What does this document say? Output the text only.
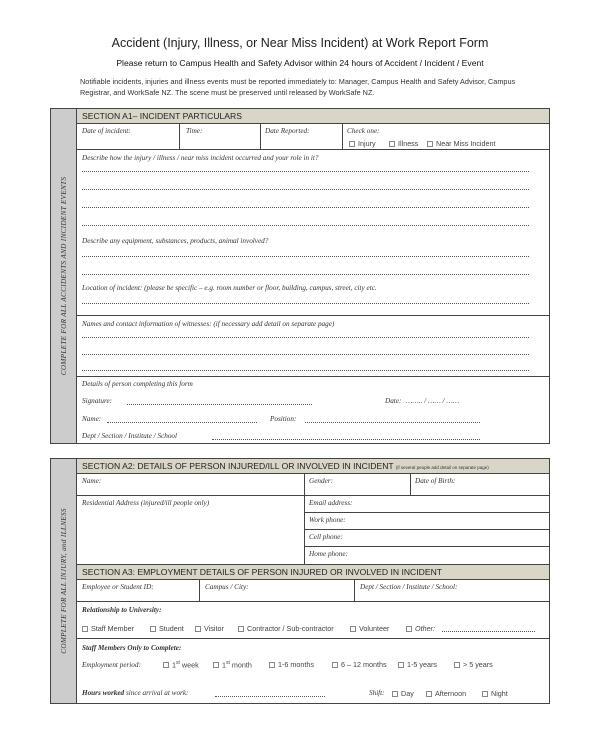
Accident (Injury, Illness, or Near Miss Incident) at Work Report Form
Please return to Campus Health and Safety Advisor within 24 hours of Accident / Incident / Event
Notifiable incidents, injuries and illness events must be reported immediately to: Manager, Campus Health and Safety Advisor, Campus
Registrar, and WorkSafe NZ. The scene must be preserved until released by WorkSafe NZ.
COMPLETE FOR ALL ACCIDENTS AND INCIDENT EVENTS
SECTION A1– INCIDENT PARTICULARS
Date of incident:	Time:	Date Reported:	Check one:
Injury	Illness	Near Miss Incident
Describe how the injury / illness / near miss incident occurred and your role in it?
Describe any equipment, substances, products, animal involved?
Location of incident: (please be specific – e.g. room number or floor, building, campus, street, city etc.
Names and contact information of witnesses: (if necessary add detail on separate page)
Details of person completing this form
Signature:	Date: …….. / …… / ……
Name:	Position:
Dept / Section / Institute / School
COMPLETE FOR ALL INJURY, and ILLNESS
SECTION A2: DETAILS OF PERSON INJURED/ILL OR INVOLVED IN INCIDENT (if several people add detail on separate page)
Name:	Gender:	Date of Birth:
Residential Address (injured/ill people only)	Email address:
Work phone:
Cell phone:
Home phone:
SECTION A3: EMPLOYMENT DETAILS OF PERSON INJURED OR INVOLVED IN INCIDENT
Employee or Student ID:	Campus / City:	Dept / Section / Institute / School:
Relationship to University:
Staff Member	Student	Visitor	Contractor / Sub-contractor	Volunteer	Other:
Staff Members Only to Complete:
Employment period:	1st week	1st month	1-6 months	6 – 12 months	1-5 years	> 5 years
Hours worked since arrival at work:	Shift:	Day	Afternoon	Night
